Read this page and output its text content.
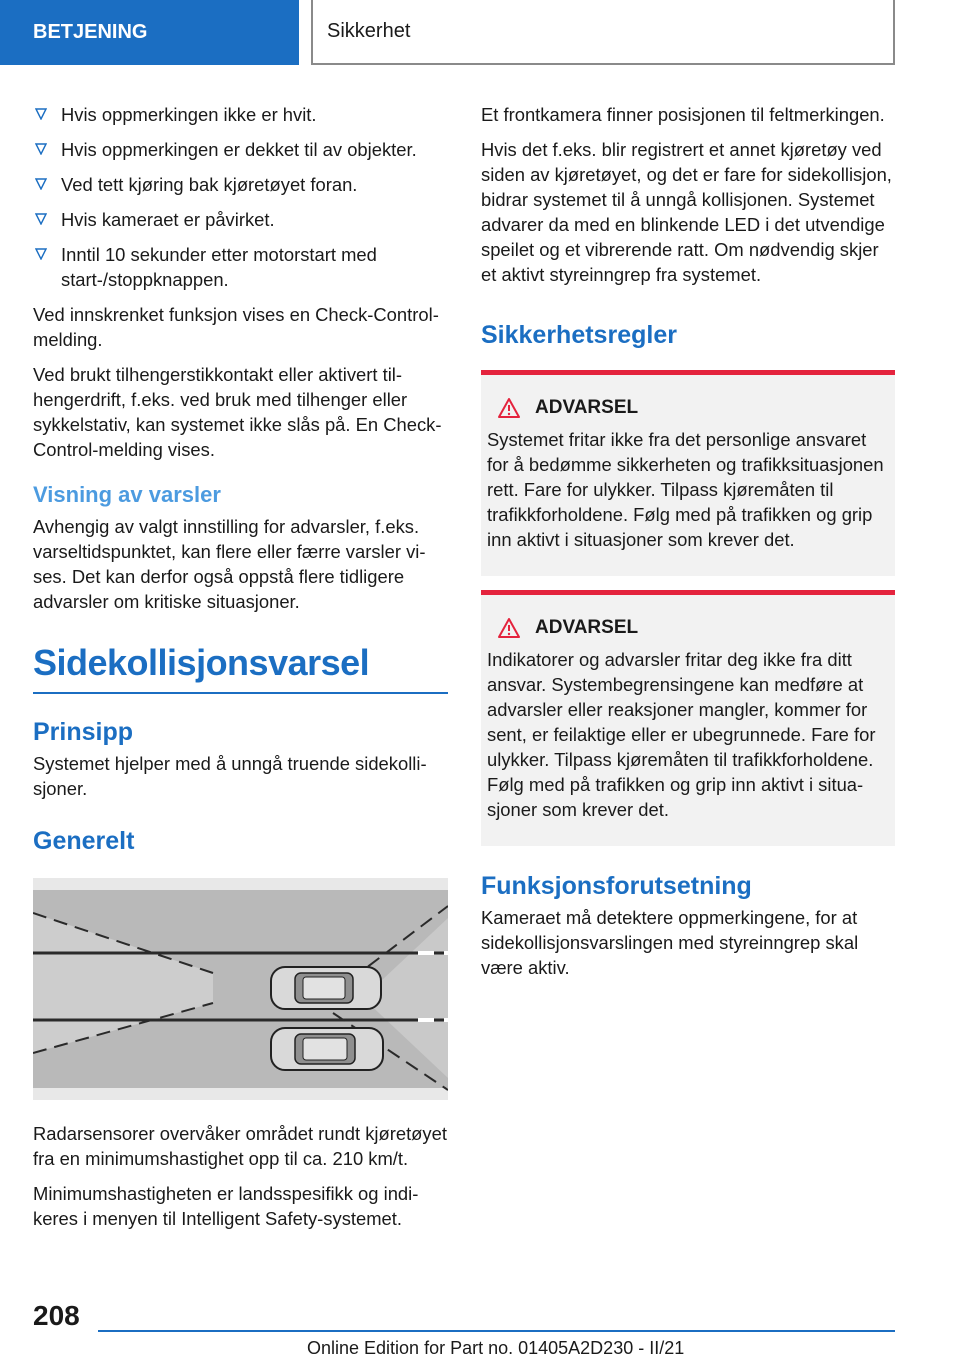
BETJENING	Sikkerhet
Hvis oppmerkingen ikke er hvit.
Hvis oppmerkingen er dekket til av objekter.
Ved tett kjøring bak kjøretøyet foran.
Hvis kameraet er påvirket.
Inntil 10 sekunder etter motorstart med start-/stoppknappen.

Ved innskrenket funksjon vises en Check-Control-melding.

Ved brukt tilhengerstikkontakt eller aktivert tilhengerdrift, f.eks. ved bruk med tilhenger eller sykkelstativ, kan systemet ikke slås på. En Check-Control-melding vises.

Visning av varsler

Avhengig av valgt innstilling for advarsler, f.eks. varseltidspunktet, kan flere eller færre varsler vises. Det kan derfor også oppstå flere tidligere advarsler om kritiske situasjoner.

Sidekollisjonsvarsel
Prinsipp

Systemet hjelper med å unngå truende sidekollisjoner.

Generelt

Radarsensorer overvåker området rundt kjøretøyet fra en minimumshastighet opp til ca. 210 km/t.

Minimumshastigheten er landsspesifikk og indikeres i menyen til Intelligent Safety-systemet.

Et frontkamera finner posisjonen til feltmerkingen.

Hvis det f.eks. blir registrert et annet kjøretøy ved siden av kjøretøyet, og det er fare for sidekollisjon, bidrar systemet til å unngå kollisjonen. Systemet advarer da med en blinkende LED i det utvendige speilet og et vibrerende ratt. Om nødvendig skjer et aktivt styreinngrep fra systemet.

Sikkerhetsregler
ADVARSEL

Systemet fritar ikke fra det personlige ansvaret for å bedømme sikkerheten og trafikksituasjonen rett. Fare for ulykker. Tilpass kjøremåten til trafikkforholdene. Følg med på trafikken og grip inn aktivt i situasjoner som krever det.

ADVARSEL

Indikatorer og advarsler fritar deg ikke fra ditt ansvar. Systembegrensingene kan medføre at advarsler eller reaksjoner mangler, kommer for sent, er feilaktige eller er ubegrunnede. Fare for ulykker. Tilpass kjøremåten til trafikkforholdene.

Følg med på trafikken og grip inn aktivt i situasjoner som krever det.

Funksjonsforutsetning

Kameraet må detektere oppmerkingene, for at sidekollisjonsvarslingen med styreinngrep skal være aktiv.

208
Online Edition for Part no. 01405A2D230 - II/21
